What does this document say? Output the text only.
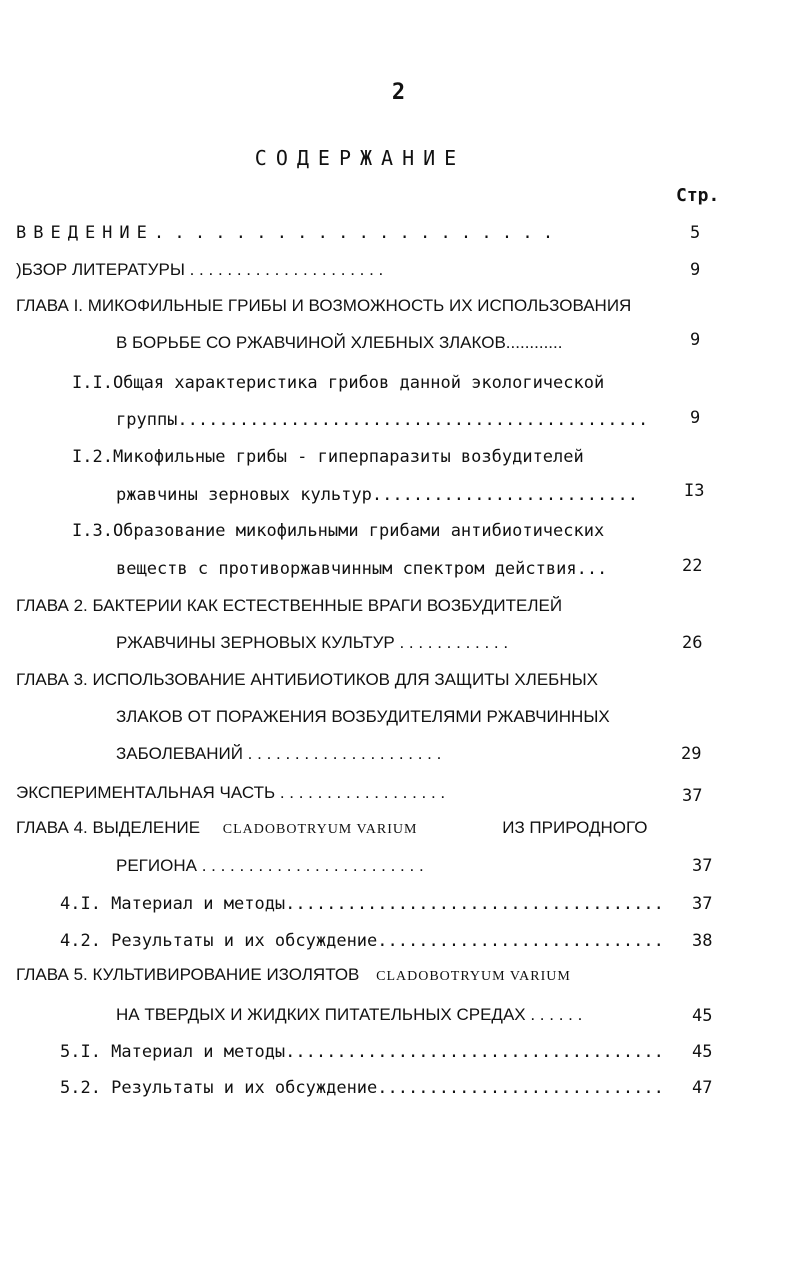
2
СОДЕРЖАНИЕ
Стр.
ВВЕДЕНИЕ. . . . . . . . . . . . . . . . . . . .	5
)БЗОР ЛИТЕРАТУРЫ . . . . . . . . . . . . . . . . . . . . .	9
ГЛАВА I. МИКОФИЛЬНЫЕ ГРИБЫ И ВОЗМОЖНОСТЬ ИХ ИСПОЛЬЗОВАНИЯ
В БОРЬБЕ СО РЖАВЧИНОЙ ХЛЕБНЫХ ЗЛАКОВ............	9
I.I.Общая характеристика грибов данной экологической
группы..............................................	9
I.2.Микофильные грибы - гиперпаразиты возбудителей
ржавчины зерновых культур..........................	I3
I.3.Образование микофильными грибами антибиотических
веществ с противоржавчинным спектром действия...	22
ГЛАВА 2. БАКТЕРИИ КАК ЕСТЕСТВЕННЫЕ ВРАГИ ВОЗБУДИТЕЛЕЙ
РЖАВЧИНЫ ЗЕРНОВЫХ КУЛЬТУР . . . . . . . . . . . .	26
ГЛАВА 3. ИСПОЛЬЗОВАНИЕ АНТИБИОТИКОВ ДЛЯ ЗАЩИТЫ ХЛЕБНЫХ
ЗЛАКОВ ОТ ПОРАЖЕНИЯ ВОЗБУДИТЕЛЯМИ РЖАВЧИННЫХ
ЗАБОЛЕВАНИЙ . . . . . . . . . . . . . . . . . . . . .	29
ЭКСПЕРИМЕНТАЛЬНАЯ ЧАСТЬ . . . . . . . . . . . . . . . . . .	37
ГЛАВА 4. ВЫДЕЛЕНИЕ CLADOBOTRYUM VARIUM	ИЗ ПРИРОДНОГО
РЕГИОНА . . . . . . . . . . . . . . . . . . . . . . . .	37
4.I. Материал и методы.....................................	37
4.2. Результаты и их обсуждение............................ 38
ГЛАВА 5. КУЛЬТИВИРОВАНИЕ ИЗОЛЯТОВ CLADOBOTRYUM VARIUM
НА ТВЕРДЫХ И ЖИДКИХ ПИТАТЕЛЬНЫХ СРЕДАХ . . . . . .	45
5.I. Материал и методы.....................................	45
5.2. Результаты и их обсуждение............................	47
